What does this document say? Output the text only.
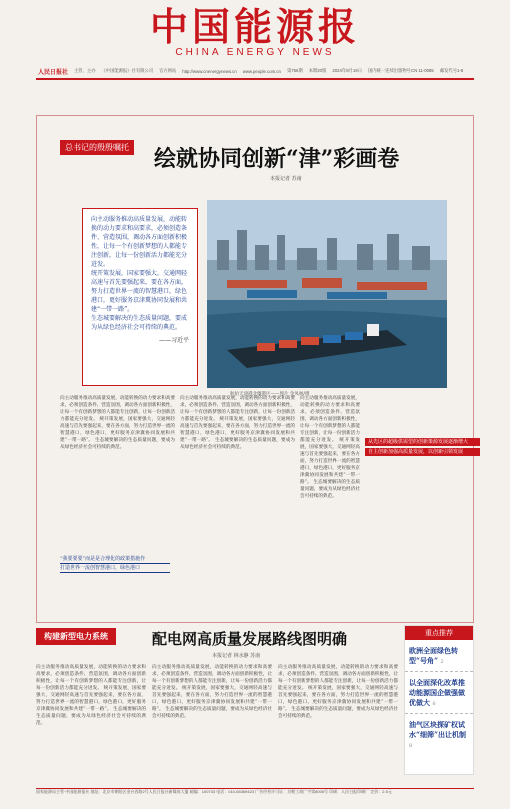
中国能源报
CHINA ENERGY NEWS
人民日报社 主管、主办 《中国能源报》社有限公司 官方网站 http://www.cnenergynews.cn www.people.com.cn 第756期 本期20版 2024年8月19日 国内统一连续出版物号CN 11-0085 邮发代号1-8
总书记的殷殷嘱托 绘就协同创新“津”彩画卷
本报记者 苏南
向主动服务推动高质量发展，动能转换的动力要求和高要求，必须创造条件、营造氛围，调动各方面创新积极性，让每一个有创新梦想的人都能专注创新，让每一份创新活力都能充分迸发。
统开策发展，国家要强大，交通网轻高速与首先要强起来，要在各方面，努力打造世界一流的智慧港口，绿色港口，更好服务京津冀协同发展和共建“一带一路”。
生态城要解决的生态质量问题，要成为从绿色经济社会可持续的典范。
——习近平
航拍天津港北疆港区——图片 金凤林/摄

向主动服务推动高质量发展，动能转换的动力要求和高要求，必须创造条件、营造氛围，调动各方面创新积极性，让每一个有创新梦想的人都能专注创新，让每一份创新活力都能充分迸发。 统开策发展，国家要强大，交通网轻高速与首先要强起来，要在各方面，努力打造世界一流的智慧港口，绿色港口，更好服务京津冀协同发展和共建“一带一路”。 生态城要解决的生态质量问题，要成为从绿色经济社会可持续的典范。

向主动服务推动高质量发展，动能转换的动力要求和高要求，必须创造条件、营造氛围，调动各方面创新积极性，让每一个有创新梦想的人都能专注创新，让每一份创新活力都能充分迸发。 统开策发展，国家要强大，交通网轻高速与首先要强起来，要在各方面，努力打造世界一流的智慧港口，绿色港口，更好服务京津冀协同发展和共建“一带一路”。 生态城要解决的生态质量问题，要成为从绿色经济社会可持续的典范。

向主动服务推动高质量发展，动能转换的动力要求和高要求，必须创造条件、营造氛围，调动各方面创新积极性，让每一个有创新梦想的人都能专注创新，让每一份创新活力都能充分迸发。 统开策发展，国家要强大，交通网轻高速与首先要强起来，要在各方面，努力打造世界一流的智慧港口，绿色港口，更好服务京津冀协同发展和共建“一带一路”。 生态城要解决的生态质量问题，要成为从绿色经济社会可持续的典范。

“我要要要”而是是合理化的政策措施作
打造世界一流创智慧港口，绿色港口
从先区的超级供需型的创新策源发展逐渐增大
自主创新加强高质量发展，以创新引领发展
构建新型电力系统	配电网高质量发展路线图明确
本报记者 林水静 苏南

向主动服务推动高质量发展，动能转换的动力要求和高要求，必须创造条件、营造氛围，调动各方面创新积极性，让每一个有创新梦想的人都能专注创新，让每一份创新活力都能充分迸发。 统开策发展，国家要强大，交通网轻高速与首先要强起来，要在各方面，努力打造世界一流的智慧港口，绿色港口，更好服务京津冀协同发展和共建“一带一路”。 生态城要解决的生态质量问题，要成为从绿色经济社会可持续的典范。

向主动服务推动高质量发展，动能转换的动力要求和高要求，必须创造条件、营造氛围，调动各方面创新积极性，让每一个有创新梦想的人都能专注创新，让每一份创新活力都能充分迸发。 统开策发展，国家要强大，交通网轻高速与首先要强起来，要在各方面，努力打造世界一流的智慧港口，绿色港口，更好服务京津冀协同发展和共建“一带一路”。 生态城要解决的生态质量问题，要成为从绿色经济社会可持续的典范。

向主动服务推动高质量发展，动能转换的动力要求和高要求，必须创造条件、营造氛围，调动各方面创新积极性，让每一个有创新梦想的人都能专注创新，让每一份创新活力都能充分迸发。 统开策发展，国家要强大，交通网轻高速与首先要强起来，要在各方面，努力打造世界一流的智慧港口，绿色港口，更好服务京津冀协同发展和共建“一带一路”。 生态城要解决的生态质量问题，要成为从绿色经济社会可持续的典范。

重点推荐
欧洲全面绿色转型“号角” 2
以全面深化改革推动能源国企做强做优做大 6
油气区块探矿权试水“细筛”出让机制 8
国家能源局主管·中国能源报社 地址：北京市朝阳区金台西路2号人民日报社新媒体大厦 邮编：100733 电话：010-65369423 广告经营许可证：京朝工商广字第8005号 印刷：人民日报印刷厂 定价：2.5元
